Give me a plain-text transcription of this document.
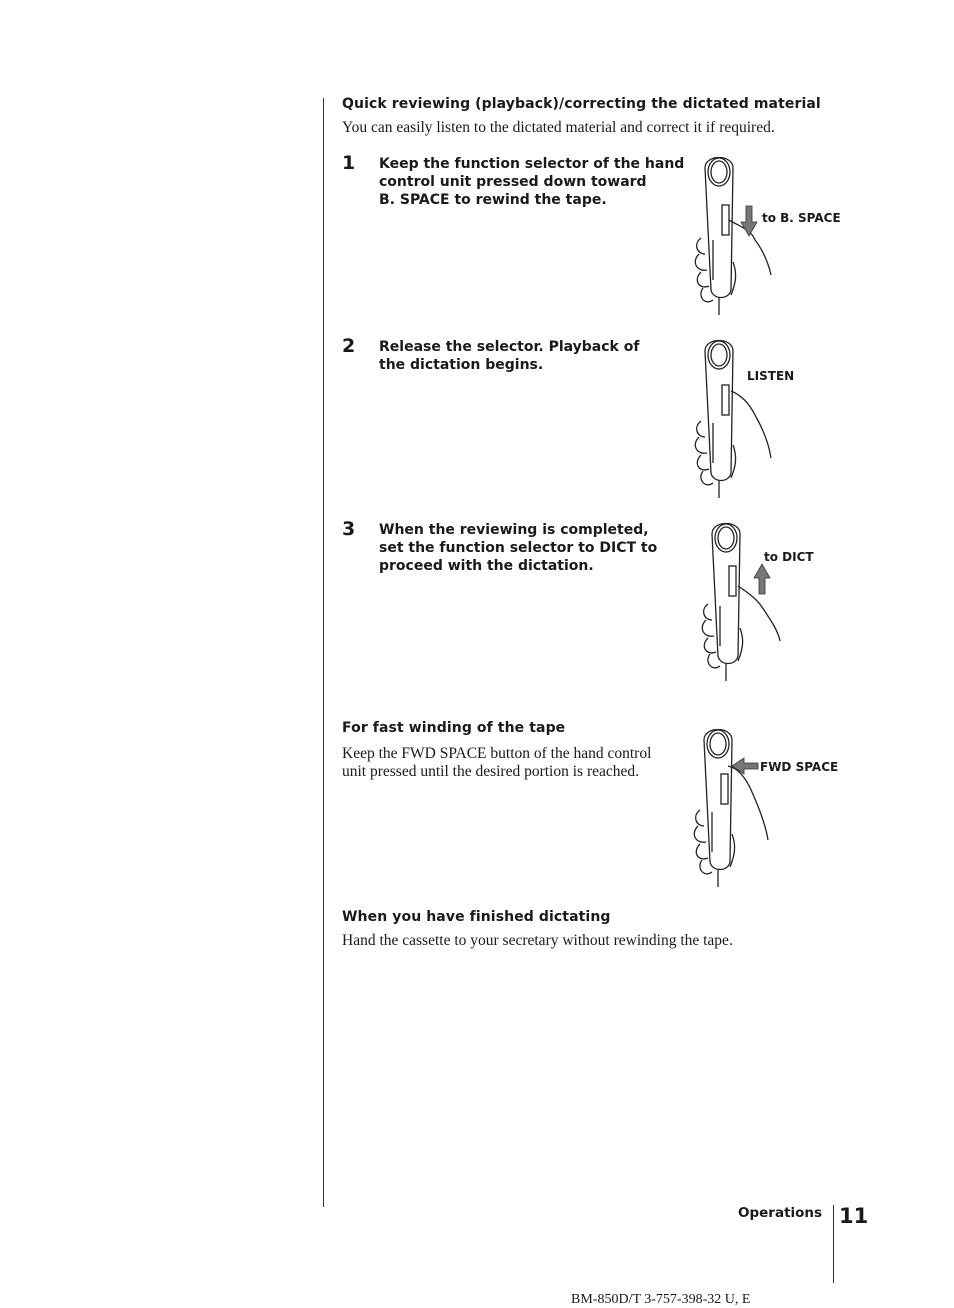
Quick reviewing (playback)/correcting the dictated material
You can easily listen to the dictated material and correct it if required.
1 Keep the function selector of the hand
control unit pressed down toward
B. SPACE to rewind the tape.
to B. SPACE
2 Release the selector. Playback of
the dictation begins.
LISTEN
3 When the reviewing is completed,
set the function selector to DICT to
proceed with the dictation.
to DICT
For fast winding of the tape
Keep the FWD SPACE button of the hand control
unit pressed until the desired portion is reached.	FWD SPACE
When you have finished dictating
Hand the cassette to your secretary without rewinding the tape.
Operations 11
BM-850D/T 3-757-398-32 U, E
